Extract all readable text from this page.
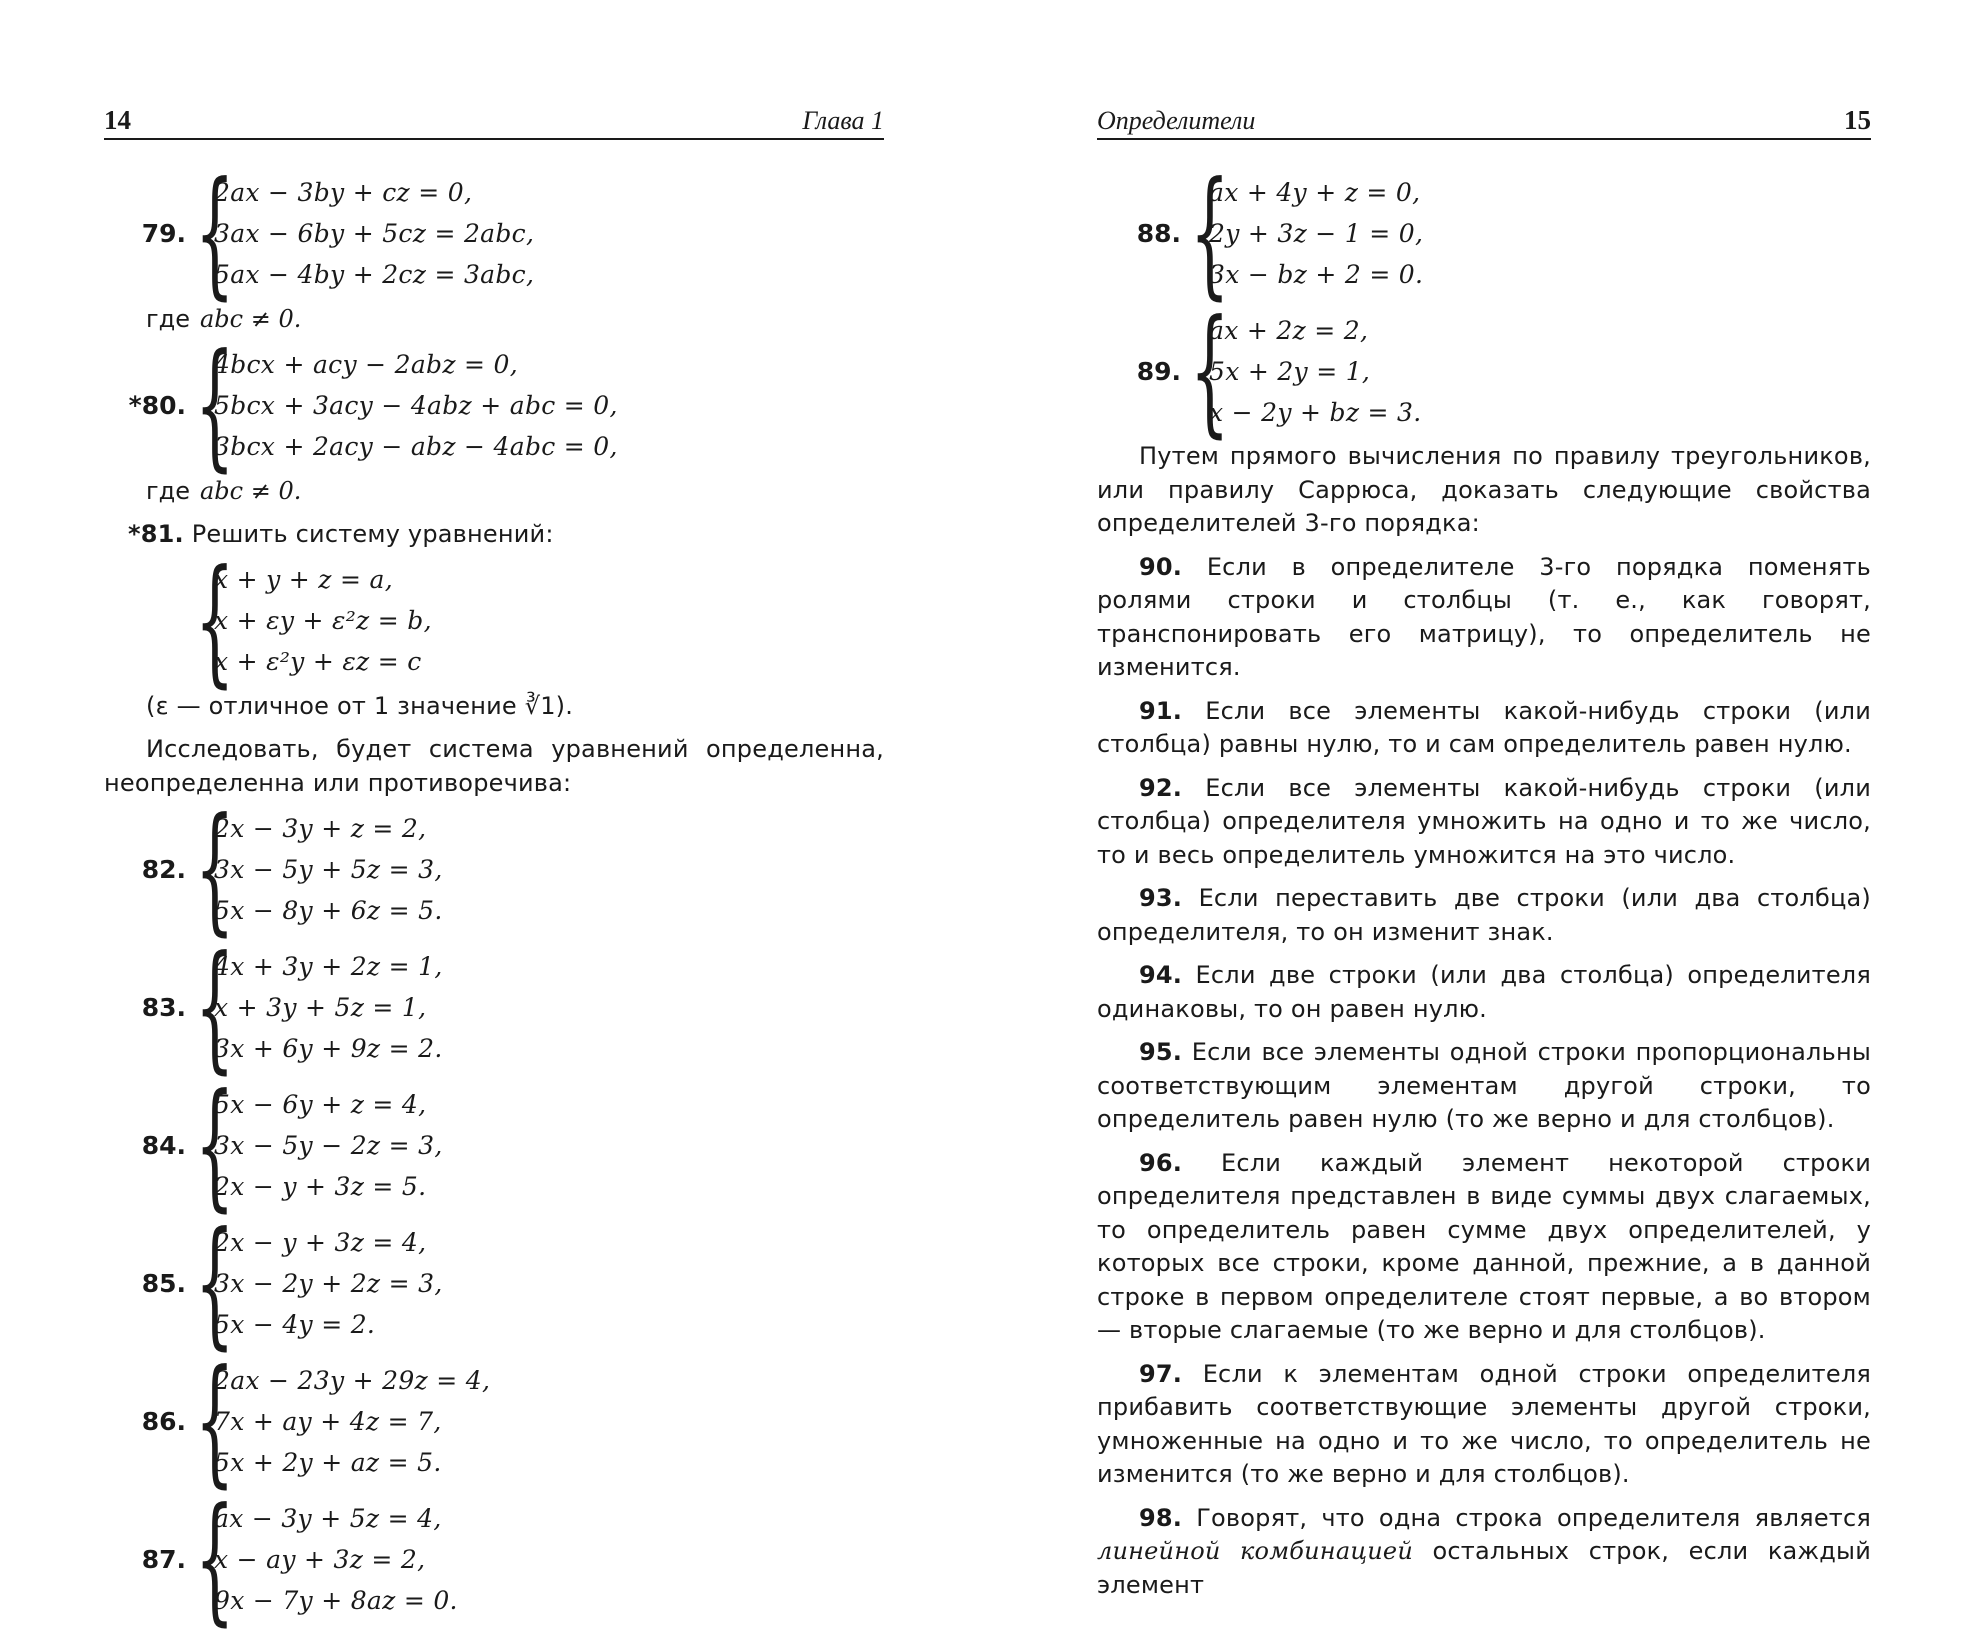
14	Глава 1
79. {
2ax − 3by + cz = 0,
3ax − 6by + 5cz = 2abc,
5ax − 4by + 2cz = 3abc,
где abc ≠ 0.
*80. {
4bcx + acy − 2abz = 0,
5bcx + 3acy − 4abz + abc = 0,
3bcx + 2acy − abz − 4abc = 0,
где abc ≠ 0.
*81. Решить систему уравнений:
{
x + y + z = a,
x + εy + ε²z = b,
x + ε²y + εz = c
(ε — отличное от 1 значение ∛1).
Исследовать, будет система уравнений определенна, неопределенна или противоречива:
82. {
2x − 3y + z = 2,
3x − 5y + 5z = 3,
5x − 8y + 6z = 5.
83. {
4x + 3y + 2z = 1,
x + 3y + 5z = 1,
3x + 6y + 9z = 2.
84. {
5x − 6y + z = 4,
3x − 5y − 2z = 3,
2x − y + 3z = 5.
85. {
2x − y + 3z = 4,
3x − 2y + 2z = 3,
5x − 4y = 2.
86. {
2ax − 23y + 29z = 4,
7x + ay + 4z = 7,
5x + 2y + az = 5.
87. {
ax − 3y + 5z = 4,
x − ay + 3z = 2,
9x − 7y + 8az = 0.
Определители	15
88. {
ax + 4y + z = 0,
2y + 3z − 1 = 0,
3x − bz + 2 = 0.
89. {
ax + 2z = 2,
5x + 2y = 1,
x − 2y + bz = 3.
Путем прямого вычисления по правилу треугольников, или правилу Саррюса, доказать следующие свойства определителей 3-го порядка:
90. Если в определителе 3-го порядка поменять ролями строки и столбцы (т. е., как говорят, транспонировать его матрицу), то определитель не изменится.
91. Если все элементы какой-нибудь строки (или столбца) равны нулю, то и сам определитель равен нулю.
92. Если все элементы какой-нибудь строки (или столбца) определителя умножить на одно и то же число, то и весь определитель умножится на это число.
93. Если переставить две строки (или два столбца) определителя, то он изменит знак.
94. Если две строки (или два столбца) определителя одинаковы, то он равен нулю.
95. Если все элементы одной строки пропорциональны соответствующим элементам другой строки, то определитель равен нулю (то же верно и для столбцов).
96. Если каждый элемент некоторой строки определителя представлен в виде суммы двух слагаемых, то определитель равен сумме двух определителей, у которых все строки, кроме данной, прежние, а в данной строке в первом определителе стоят первые, а во втором — вторые слагаемые (то же верно и для столбцов).
97. Если к элементам одной строки определителя прибавить соответствующие элементы другой строки, умноженные на одно и то же число, то определитель не изменится (то же верно и для столбцов).
98. Говорят, что одна строка определителя является линейной комбинацией остальных строк, если каждый элемент
